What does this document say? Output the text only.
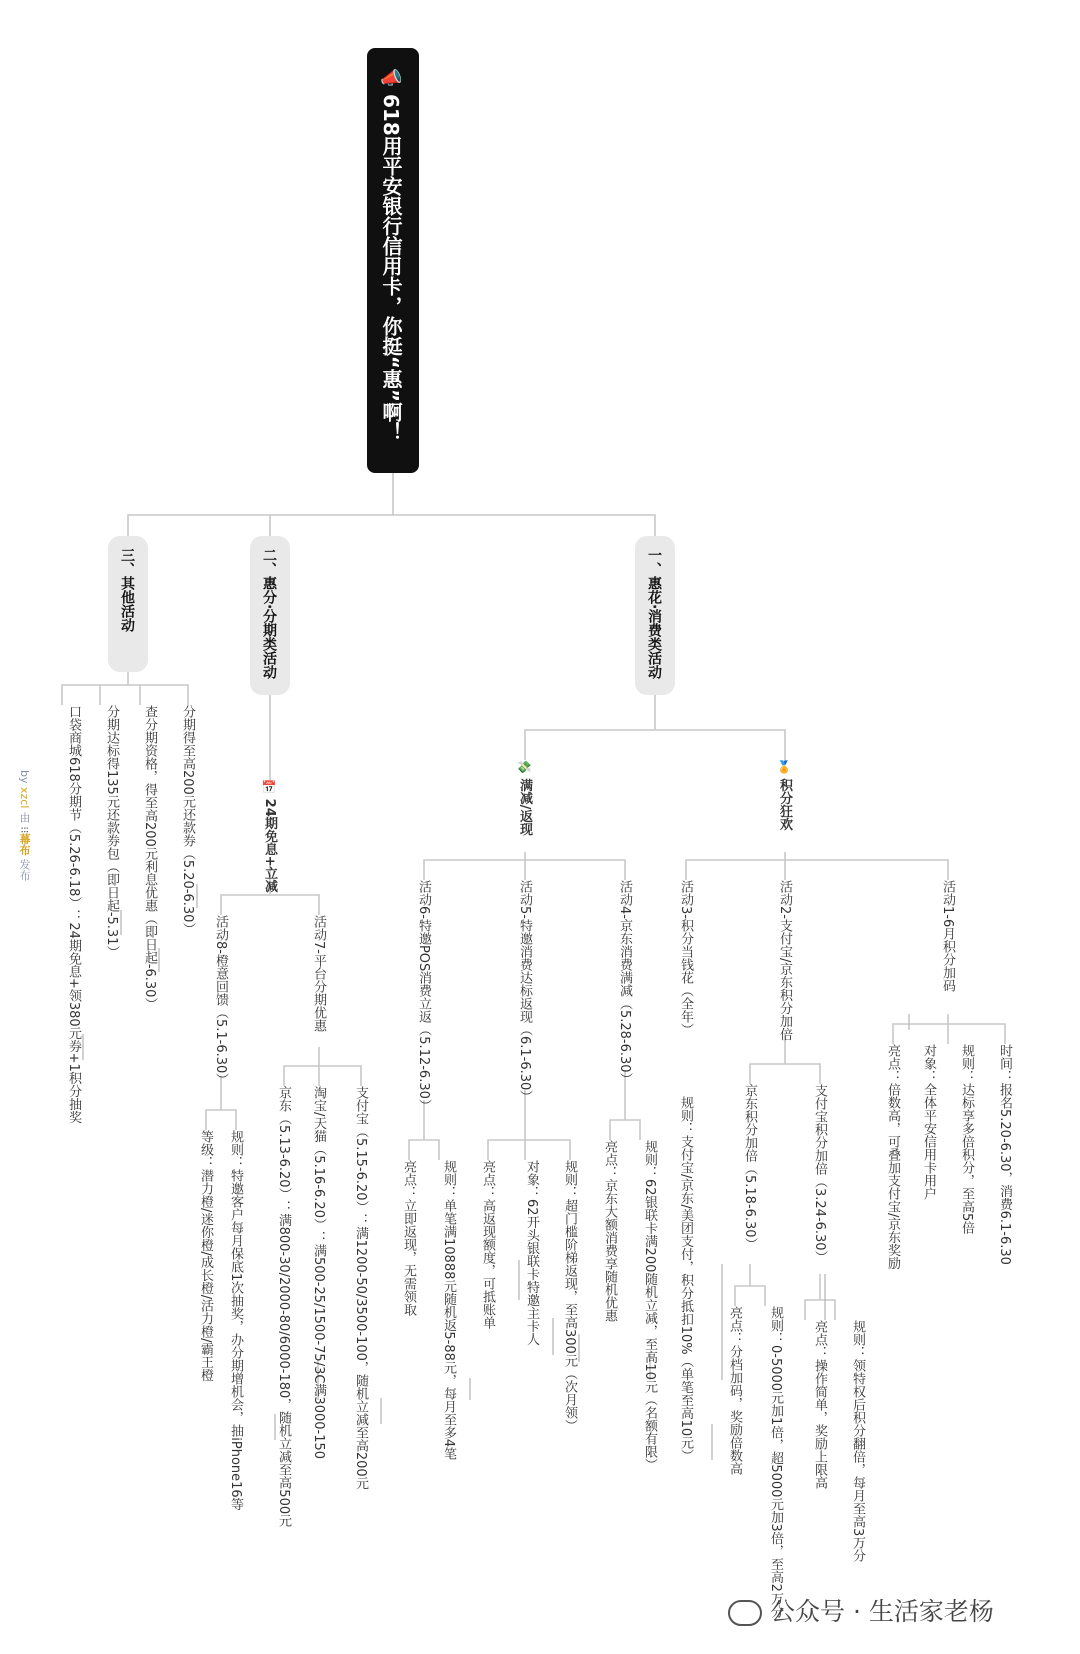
📣618用平安银行信用卡，你挺“惠”啊！
三、其他活动	二、惠分·分期类活动	一、惠花·消费类活动
🏅积分狂欢
💸满减/返现
活动1-6月积分加码
时间：报名5.20-6.30，消费6.1-6.30
规则：达标享多倍积分，至高5倍
对象：全体平安信用卡用户
亮点：倍数高，可叠加支付宝/京东奖励
活动2-支付宝/京东积分加倍
支付宝积分加倍（3.24-6.30）
规则：领特权后积分翻倍，每月至高3万分
亮点：操作简单，奖励上限高
京东积分加倍（5.18-6.30）
规则：0-5000元加1倍，超5000元加3倍，至高2万分
亮点：分档加码，奖励倍数高
活动3-积分当钱花（全年）
规则：支付宝/京东/美团支付，积分抵扣10%（单笔至高10元）
活动4-京东消费满减（5.28-6.30）
规则：62银联卡满200随机立减，至高10元（名额有限）
亮点：京东大额消费享随机优惠
活动5-特邀消费达标返现（6.1-6.30）
规则：超门槛阶梯返现，至高300元（次月领）
对象：62开头银联卡特邀主卡人
亮点：高返现额度，可抵账单
活动6-特邀POS消费立返（5.12-6.30）
规则：单笔满10888元随机返5-88元，每月至多4笔
亮点：立即返现，无需领取
📅24期免息+立减
活动7-平台分期优惠
支付宝（5.15-6.20）：满1200-50/3500-100，随机立减至高200元
淘宝/天猫（5.16-6.20）：满500-25/1500-75/3C满3000-150
京东（5.13-6.20）：满800-30/2000-80/6000-180，随机立减至高500元
活动8-橙意回馈（5.1-6.30）
规则：特邀客户每月保底1次抽奖，办分期增机会，抽iPhone16等
等级：潜力橙/迷你橙/成长橙/活力橙/霸王橙
分期得至高200元还款券（5.20-6.30）
查分期资格，得至高200元利息优惠（即日起-6.30）
分期达标得135元还款券包（即日起-5.31）
口袋商城618分期节（5.26-6.18）：24期免息+领380元券+1积分抽奖
by xzcl 由 ⁝⁝幕布 发布
公众号 · 生活家老杨
